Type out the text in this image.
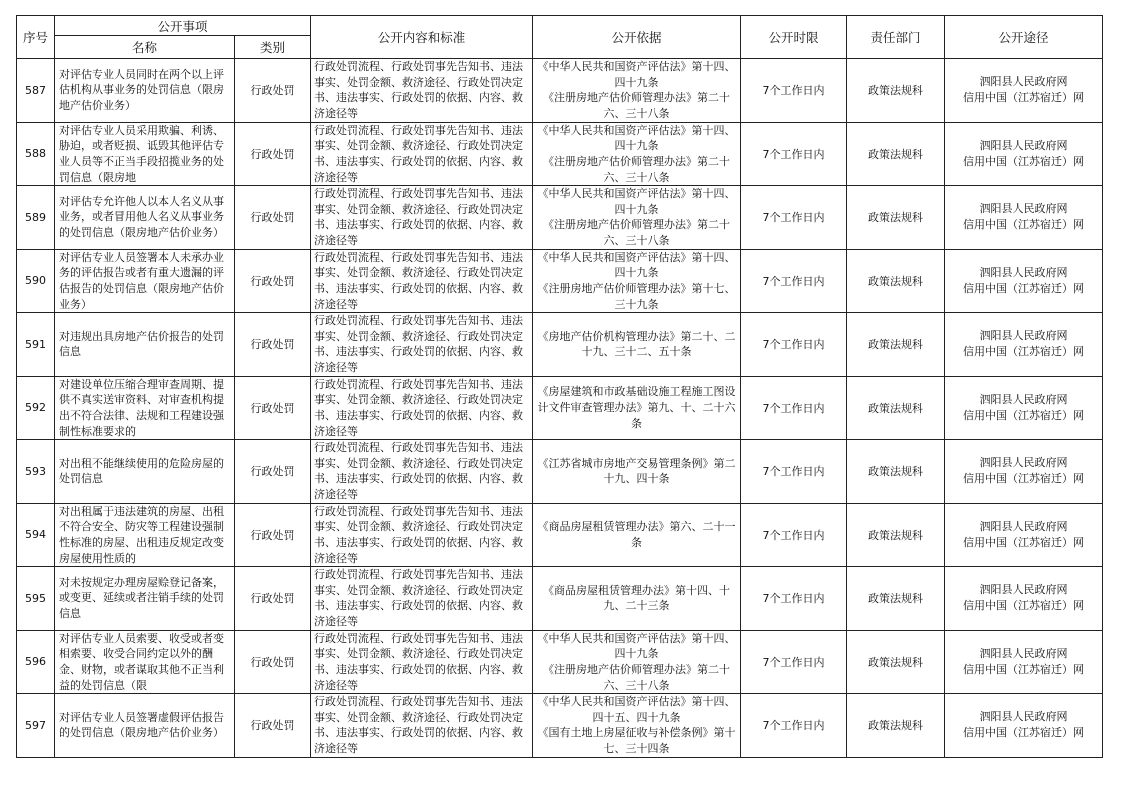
序号	公开事项		公开内容和标准	公开依据	公开时限	责任部门	公开途径
	名称	类别					
587	对评估专业人员同时在两个以上评估机构从事业务的处罚信息（限房地产估价业务）	行政处罚	行政处罚流程、行政处罚事先告知书、违法事实、处罚金额、救济途径、行政处罚决定书、违法事实、行政处罚的依据、内容、救济途径等	《中华人民共和国资产评估法》第十四、四十九条
《注册房地产估价师管理办法》第二十六、三十八条	7个工作日内	政策法规科	泗阳县人民政府网
信用中国（江苏宿迁）网

588	对评估专业人员采用欺骗、利诱、胁迫，或者贬损、诋毁其他评估专业人员等不正当手段招揽业务的处罚信息（限房地	行政处罚	行政处罚流程、行政处罚事先告知书、违法事实、处罚金额、救济途径、行政处罚决定书、违法事实、行政处罚的依据、内容、救济途径等	《中华人民共和国资产评估法》第十四、四十九条
《注册房地产估价师管理办法》第二十六、三十八条	7个工作日内	政策法规科	泗阳县人民政府网
信用中国（江苏宿迁）网

589	对评估专允许他人以本人名义从事业务，或者冒用他人名义从事业务的处罚信息（限房地产估价业务）	行政处罚	行政处罚流程、行政处罚事先告知书、违法事实、处罚金额、救济途径、行政处罚决定书、违法事实、行政处罚的依据、内容、救济途径等	《中华人民共和国资产评估法》第十四、四十九条
《注册房地产估价师管理办法》第二十六、三十八条	7个工作日内	政策法规科	泗阳县人民政府网
信用中国（江苏宿迁）网

590	对评估专业人员签署本人未承办业务的评估报告或者有重大遗漏的评估报告的处罚信息（限房地产估价业务）	行政处罚	行政处罚流程、行政处罚事先告知书、违法事实、处罚金额、救济途径、行政处罚决定书、违法事实、行政处罚的依据、内容、救济途径等	《中华人民共和国资产评估法》第十四、四十九条
《注册房地产估价师管理办法》第十七、三十九条	7个工作日内	政策法规科	泗阳县人民政府网
信用中国（江苏宿迁）网

591	对违规出具房地产估价报告的处罚信息	行政处罚	行政处罚流程、行政处罚事先告知书、违法事实、处罚金额、救济途径、行政处罚决定书、违法事实、行政处罚的依据、内容、救济途径等	《房地产估价机构管理办法》第二十、二十九、三十二、五十条	7个工作日内	政策法规科	泗阳县人民政府网
信用中国（江苏宿迁）网

592	对建设单位压缩合理审查周期、提供不真实送审资料、对审查机构提出不符合法律、法规和工程建设强制性标准要求的	行政处罚	行政处罚流程、行政处罚事先告知书、违法事实、处罚金额、救济途径、行政处罚决定书、违法事实、行政处罚的依据、内容、救济途径等	《房屋建筑和市政基础设施工程施工图设计文件审查管理办法》第九、十、二十六条	7个工作日内	政策法规科	泗阳县人民政府网
信用中国（江苏宿迁）网

593	对出租不能继续使用的危险房屋的处罚信息	行政处罚	行政处罚流程、行政处罚事先告知书、违法事实、处罚金额、救济途径、行政处罚决定书、违法事实、行政处罚的依据、内容、救济途径等	《江苏省城市房地产交易管理条例》第二十九、四十条	7个工作日内	政策法规科	泗阳县人民政府网
信用中国（江苏宿迁）网

594	对出租属于违法建筑的房屋、出租不符合安全、防灾等工程建设强制性标准的房屋、出租违反规定改变房屋使用性质的	行政处罚	行政处罚流程、行政处罚事先告知书、违法事实、处罚金额、救济途径、行政处罚决定书、违法事实、行政处罚的依据、内容、救济途径等	《商品房屋租赁管理办法》第六、二十一条	7个工作日内	政策法规科	泗阳县人民政府网
信用中国（江苏宿迁）网

595	对未按规定办理房屋赊登记备案，或变更、延续或者注销手续的处罚信息	行政处罚	行政处罚流程、行政处罚事先告知书、违法事实、处罚金额、救济途径、行政处罚决定书、违法事实、行政处罚的依据、内容、救济途径等	《商品房屋租赁管理办法》第十四、十九、二十三条	7个工作日内	政策法规科	泗阳县人民政府网
信用中国（江苏宿迁）网

596	对评估专业人员索要、收受或者变相索要、收受合同约定以外的酬金、财物，或者谋取其他不正当利益的处罚信息（限	行政处罚	行政处罚流程、行政处罚事先告知书、违法事实、处罚金额、救济途径、行政处罚决定书、违法事实、行政处罚的依据、内容、救济途径等	《中华人民共和国资产评估法》第十四、四十九条
《注册房地产估价师管理办法》第二十六、三十八条	7个工作日内	政策法规科	泗阳县人民政府网
信用中国（江苏宿迁）网

597	对评估专业人员签署虚假评估报告的处罚信息（限房地产估价业务）	行政处罚	行政处罚流程、行政处罚事先告知书、违法事实、处罚金额、救济途径、行政处罚决定书、违法事实、行政处罚的依据、内容、救济途径等	《中华人民共和国资产评估法》第十四、四十五、四十九条
《国有土地上房屋征收与补偿条例》第十七、三十四条	7个工作日内	政策法规科	泗阳县人民政府网
信用中国（江苏宿迁）网
